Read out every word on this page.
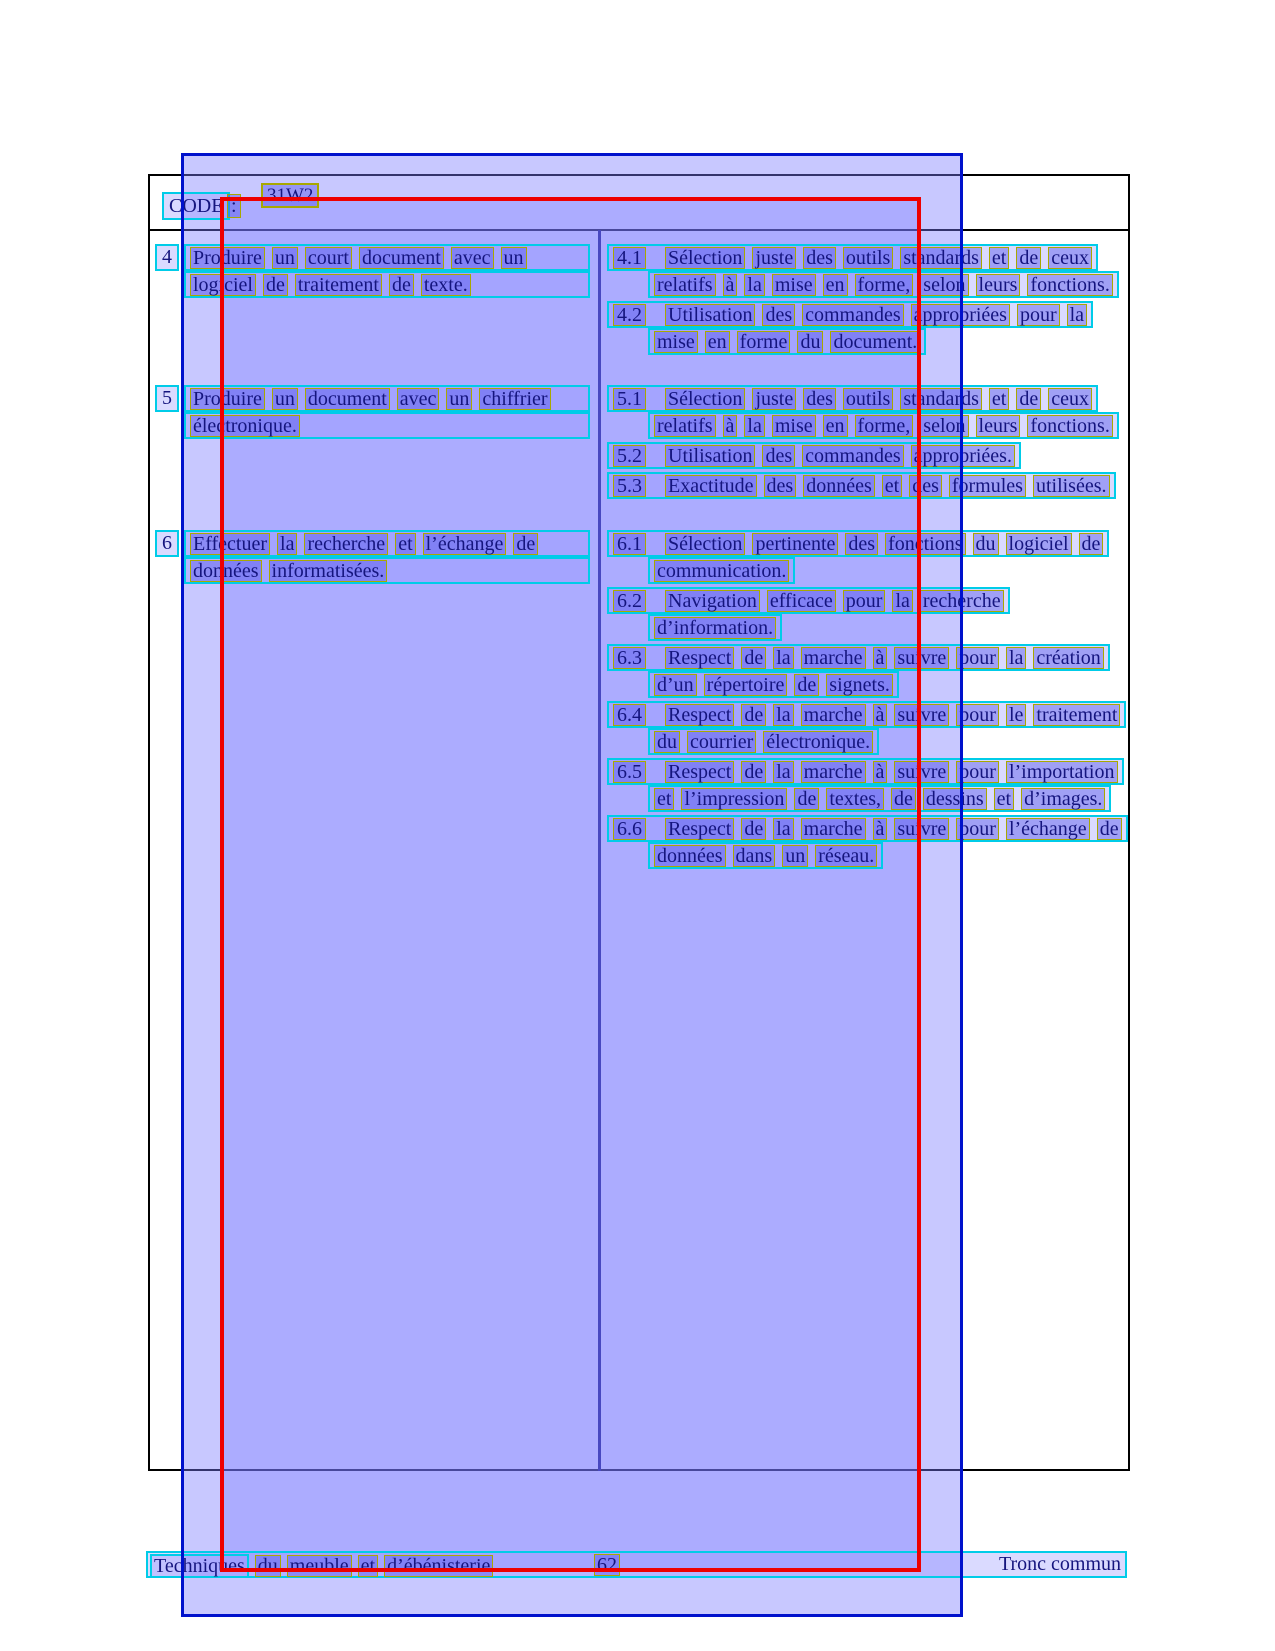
CODE :	31W2
4	Produire un court document avec un
logiciel de traitement de texte.
4.1 Sélection juste des outils standards et de ceux
relatifs à la mise en forme, selon leurs fonctions.
4.2 Utilisation des commandes appropriées pour la
mise en forme du document.
5	Produire un document avec un chiffrier
électronique.
5.1 Sélection juste des outils standards et de ceux
relatifs à la mise en forme, selon leurs fonctions.
5.2 Utilisation des commandes appropriées.
5.3 Exactitude des données et des formules utilisées.
6	Effectuer la recherche et l’échange de
données informatisées.
6.1 Sélection pertinente des fonctions du logiciel de
communication.
6.2 Navigation efficace pour la recherche
d’information.
6.3 Respect de la marche à suivre pour la création
d’un répertoire de signets.
6.4 Respect de la marche à suivre pour le traitement
du courrier électronique.
6.5 Respect de la marche à suivre pour l’importation
et l’impression de textes, de dessins et d’images.
6.6 Respect de la marche à suivre pour l’échange de
données dans un réseau.
Techniques du meuble et d’ébénisterie	62	Tronc commun
